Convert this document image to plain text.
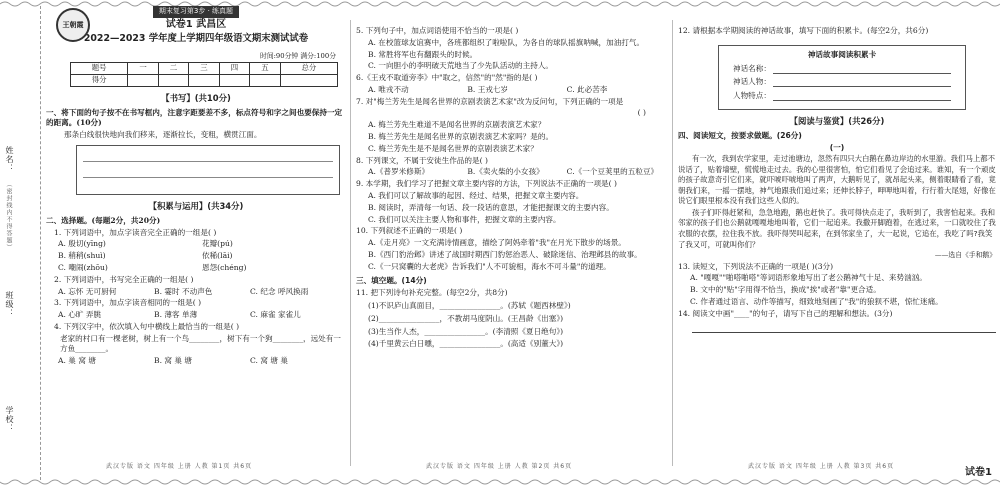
姓名：
（密封线内不得答题）
班级：
学校：
王朝霞
期末复习第3步 · 练真题
试卷1 武昌区
2022—2023 学年度上学期四年级语文期末测试试卷
时间:90分钟 满分:100分
题号	一	二	三	四	五	总分
得分						
【书写】(共10分)

一、将下面的句子按不在书写框内，注意字距要差不多，标点符号和字之间也要保持一定的距离。(10分)

那条白线很快地向我们移来，逐渐拉长，变粗，横贯江面。

【积累与运用】(共34分)

二、选择题。(每题2分，共20分)

1. 下列词语中，加点字读音完全正确的一组是( )

A. 殷切(yīng)	花瓣(pú)
B. 稍稍(shuì)	依稀(lāi)
C. 嘲闹(zhōu)	恩怨(chéng)

2. 下列词语中，书写完全正确的一组是( )

A. 忘怀 无可厨何	B. 霎时 不动声色	C. 纪念 呼风换雨

3. 下列词语中，加点字读音相同的一组是( )

A. 心旷 弄朓	B. 薄客 单薄	C. 麻雀 家雀儿

4. 下列汉字中，依次填入句中横线上最恰当的一组是( )

老家的村口有一棵老树，树上有一个鸟________，树下有一个狗________，远处有一方鱼________。

A. 巢 窝 塘	B. 窝 巢 塘	C. 窝 塘 巢
武汉专版 语文 四年级 上册 人教 第1页 共6页

5. 下列句子中，加点词语使用不恰当的一项是( )

A. 在校篮球友谊赛中，各班都组织了啦啦队，为各自的球队摇旗呐喊，加油打气。

B. 常胜将军也有翻跟头的时候。

C. 一向胆小的李明破天荒地当了少先队活动的主持人。

6.《王戎不取道旁李》中"取之，信然"的"然"指的是( )

A. 唯戎不动	B. 王戎七岁	C. 此必苦李

7. 对"梅兰芳先生是闻名世界的京剧表演艺术家"改为反问句，下列正确的一项是

( )

A. 梅兰芳先生难道不是闻名世界的京剧表演艺术家？

B. 梅兰芳先生是闻名世界的京剧表演艺术家吗？是的。

C. 梅兰芳先生是不是闻名世界的京剧表演艺术家？

8. 下列课文，不属于安徒生作品的是( )

A.《普罗米修斯》	B.《卖火柴的小女孩》	C.《一个豆荚里的五粒豆》

9. 本学期，我们学习了把握文章主要内容的方法，下列说法不正确的一项是( )

A. 我们可以了解故事的起因、经过、结果，把握文章主要内容。

B. 阅读时，弄清每一句话、段一段话的意思，才能把握课文的主要内容。

C. 我们可以关注主要人物和事件，把握文章的主要内容。

10. 下列叙述不正确的一项是( )

A.《走月亮》一文充满诗情画意，描绘了阿妈牵着"我"在月光下散步的场景。

B.《西门豹治邺》讲述了战国时期西门豹惩治恶人、破除迷信、治理邺县的故事。

C.《一只窝囊的大老虎》告诉我们"人不可貌相，海水不可斗量"的道理。

三、填空题。(14分)

11. 把下列诗句补充完整。(每空2分，共8分)

(1)不识庐山真面目，________________。(苏轼《题西林壁》)

(2)________________，不教胡马度阴山。(王昌龄《出塞》)

(3)生当作人杰，________________。(李清照《夏日绝句》)

(4)千里黄云白日曛，________________。(高适《别董大》)

武汉专版 语文 四年级 上册 人教 第2页 共6页

12. 请根据本学期阅读的神话故事，填写下面的积累卡。(每空2分，共6分)

神话故事阅读积累卡
神话名称：
神话人物：
人物特点：
【阅读与鉴赏】(共26分)

四、阅读短文，按要求做题。(26分)

(一)

有一次，我到农学家里，走过池塘边，忽然有四只大白鹅在鼻边岸边的水里游。我们马上都不说话了，贴着墙壁，慌慌地走过去。我的心里很害怕，怕它们看见了会追过来。谁知，有一个顽皮的孩子故意奇引它们来，就吓唬吓唬地叫了两声，大鹅听见了，就昂起头来，侧着眼睛看了看，竟朝我们来，一摇一摆地，神气地跟我们追过来；还伸长脖子，呷呷地叫着，行行着大尾翅，好像在说它们眼里根本没有我们这些人似的。

孩子们吓得赶紧和，急急地跑，鹅也赶快了。我可得快点走了，我听到了，我害怕起来。我和邻家的孩子们也公鹅就嘎嘎地地叫着，它们一起追来。我撒开脚跑着，在逃过来，一口就咬住了我衣服的衣摆，拉住我不放。我吓得哭叫起来，在到邻家坐了，大一起说，它追在，我吃了吗?我笑了我又可，可就叫你们？

——选自《手和鹅》

13. 读短文，下列说法不正确的一项是( )(3分)

A. "嘎嘎""啪嗒啪嗒"等词语形象地写出了老公鹅神气十足、来势汹汹。

B. 文中的"贴"字用得不恰当，换成"挨"或者"靠"更合适。

C. 作者通过语言、动作等描写，细致地刻画了"我"的狼狈不堪，惊忙迷痛。

14. 阅读文中画"____"的句子，请写下自己的理解和想法。(3分)

武汉专版 语文 四年级 上册 人教 第3页 共6页
试卷1
